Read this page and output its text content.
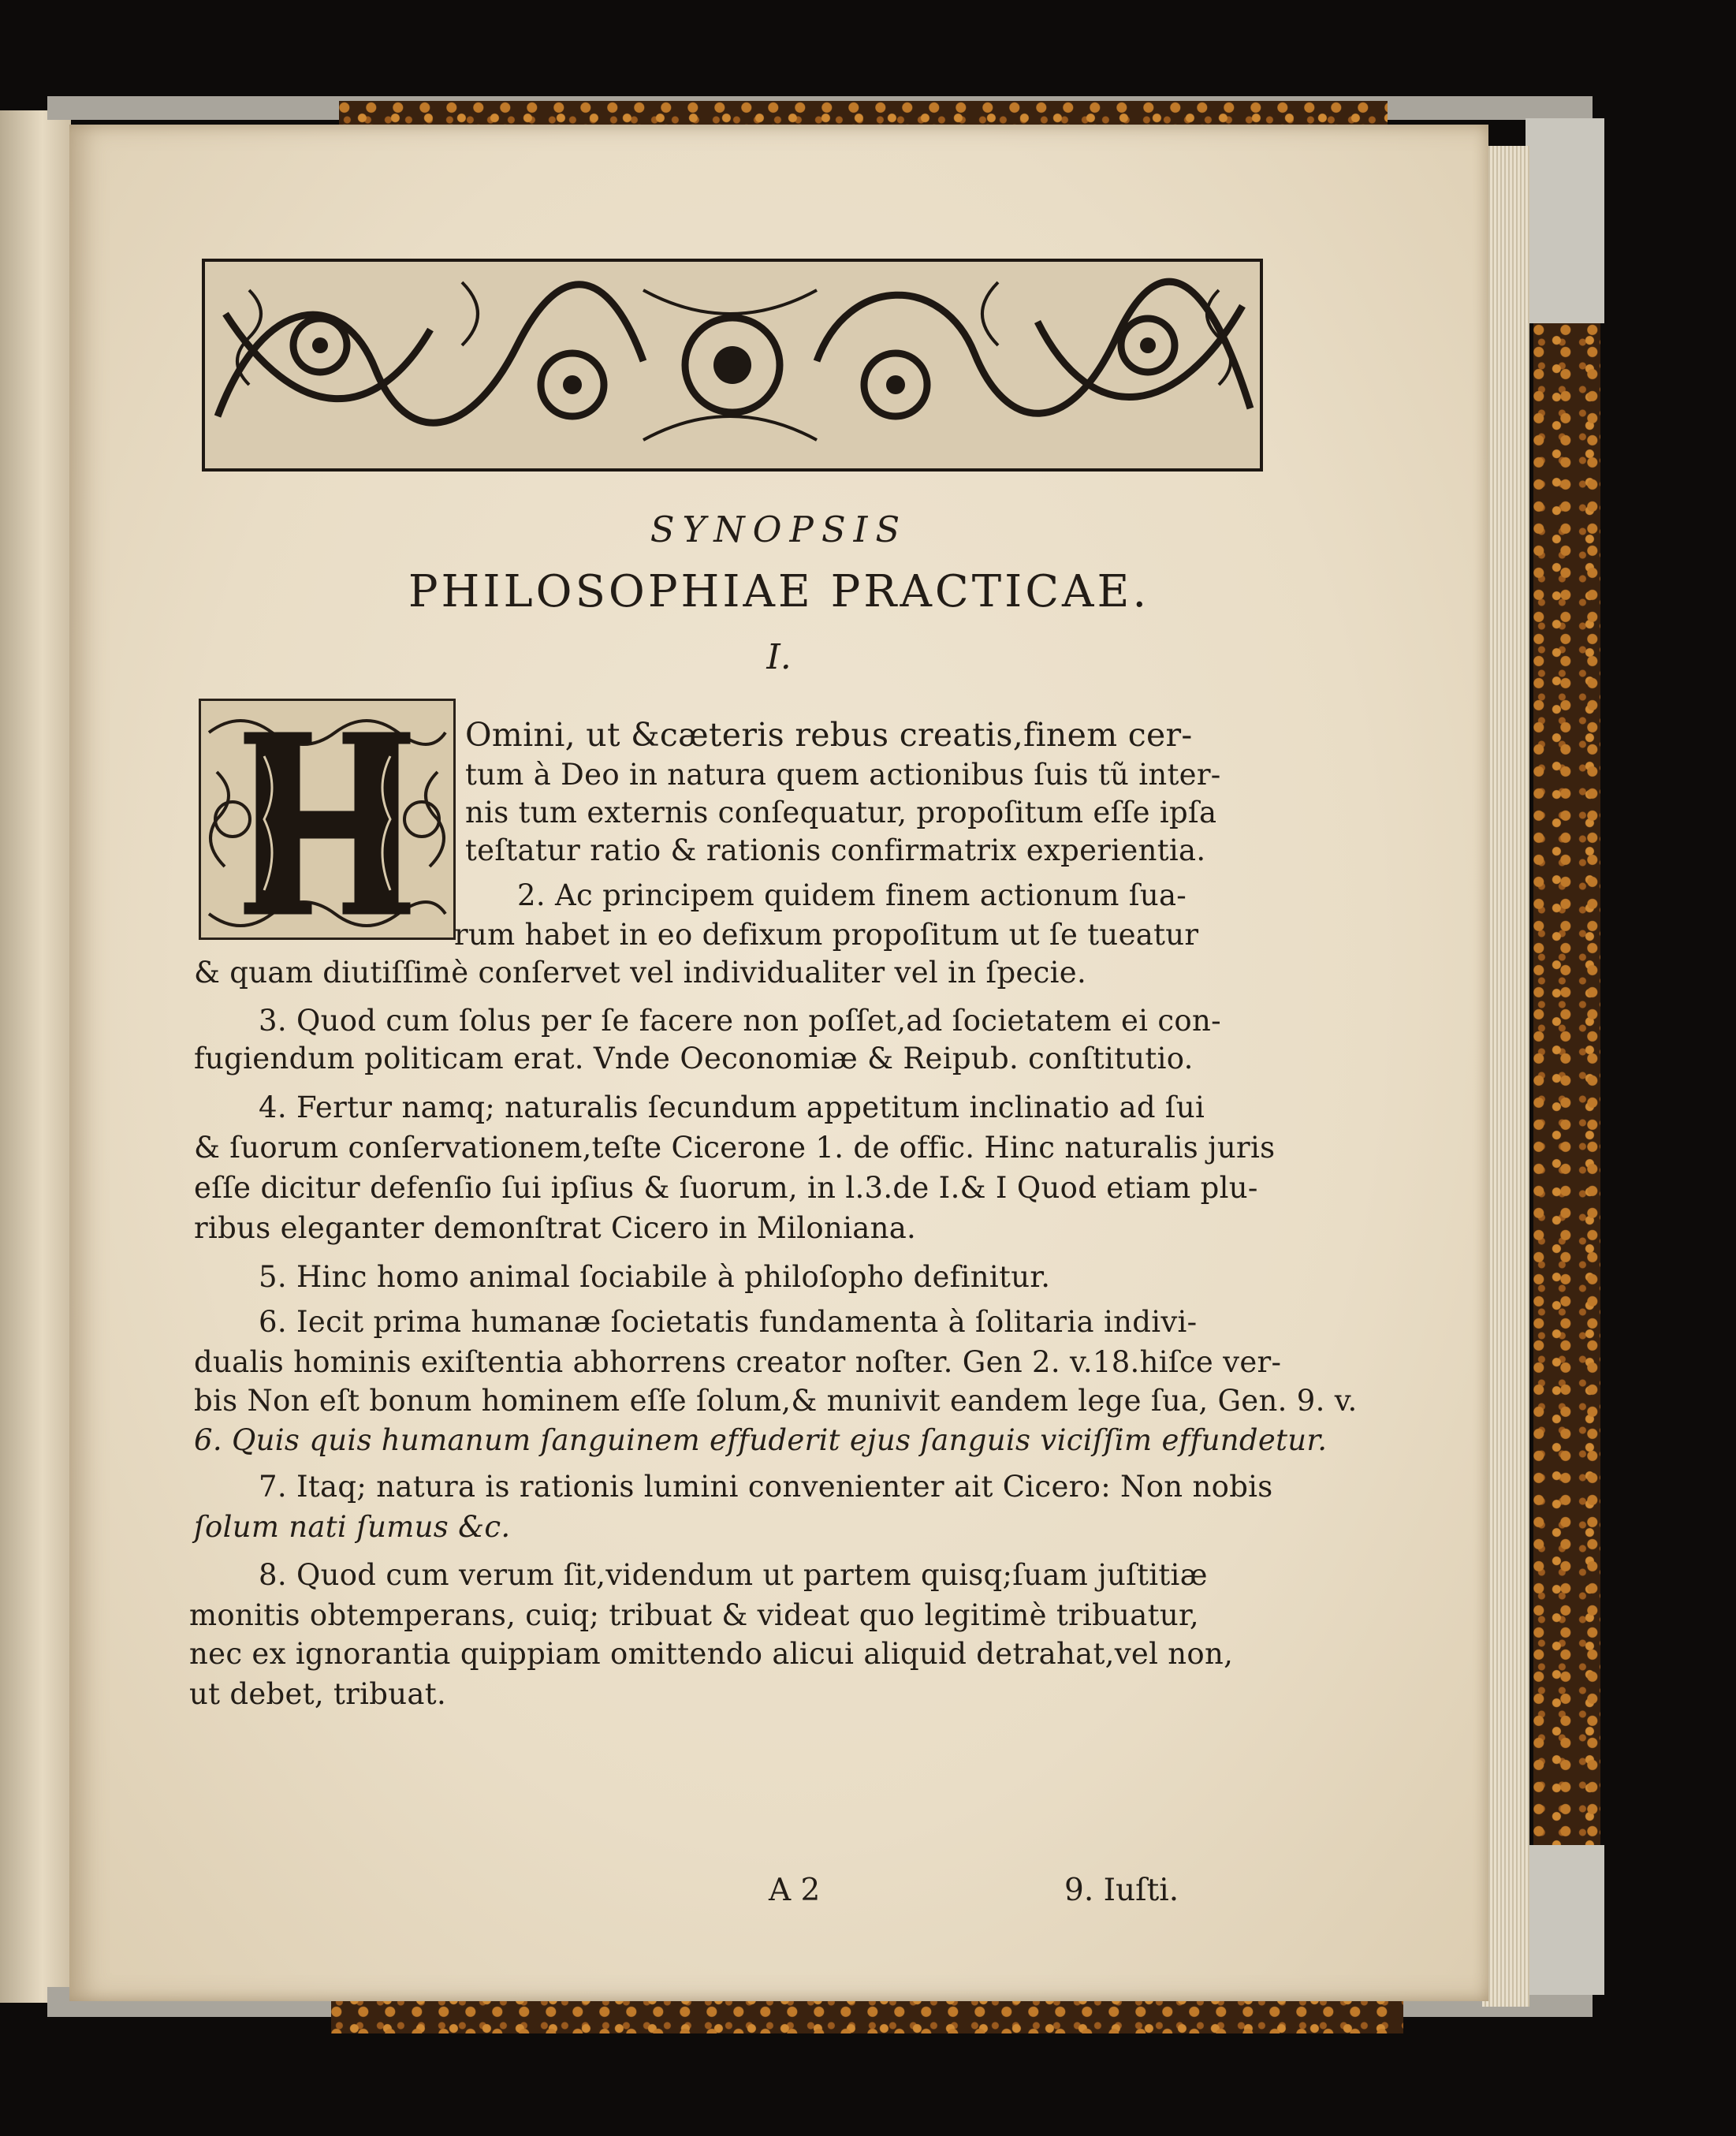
SYNOPSIS
PHILOSOPHIAE PRACTICAE.
I.
Omini, ut &cæteris rebus creatis,finem cer-
tum à Deo in natura quem actionibus ſuis tũ inter-
nis tum externis conſequatur, propoſitum eſſe ipſa
teſtatur ratio & rationis confirmatrix experientia.
2. Ac principem quidem finem actionum ſua-
rum habet in eo defixum propoſitum ut ſe tueatur
& quam diutiſſimè conſervet vel individualiter vel in ſpecie.
3. Quod cum ſolus per ſe facere non poſſet,ad ſocietatem ei con-
fugiendum politicam erat. Vnde Oeconomiæ & Reipub. conſtitutio.
4. Fertur namq; naturalis ſecundum appetitum inclinatio ad ſui
& ſuorum conſervationem,teſte Cicerone 1. de offic. Hinc naturalis juris
eſſe dicitur defenſio ſui ipſius & ſuorum, in l.3.de I.& I Quod etiam plu-
ribus eleganter demonſtrat Cicero in Miloniana.
5. Hinc homo animal ſociabile à philoſopho definitur.
6. Iecit prima humanæ ſocietatis fundamenta à ſolitaria indivi-
dualis hominis exiſtentia abhorrens creator noſter. Gen 2. v.18.hiſce ver-
bis Non eſt bonum hominem eſſe ſolum,& munivit eandem lege ſua, Gen. 9. v.
6. Quis quis humanum ſanguinem effuderit ejus ſanguis viciſſim effundetur.
7. Itaq; natura is rationis lumini convenienter ait Cicero: Non nobis
ſolum nati ſumus &c.
8. Quod cum verum ſit,videndum ut partem quisq;ſuam juſtitiæ
monitis obtemperans, cuiq; tribuat & videat quo legitimè tribuatur,
nec ex ignorantia quippiam omittendo alicui aliquid detrahat,vel non,
ut debet, tribuat.
A 2	9. Iuſti.
